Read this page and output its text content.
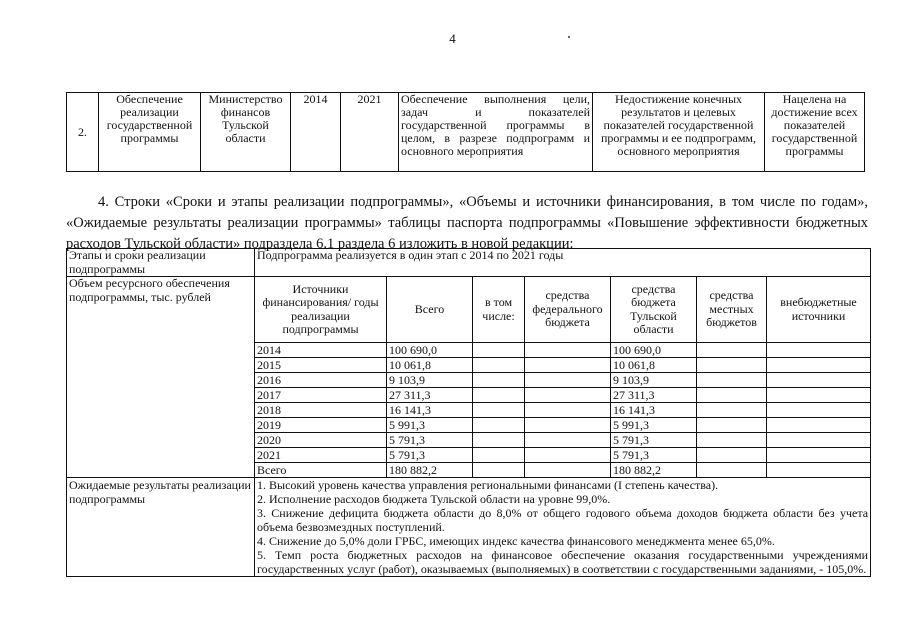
4
2.	Обеспечение реализации государственной программы	Министерство финансов Тульской области	2014	2021	Обеспечение выполнения цели, задач и показателей государственной программы в целом, в разрезе подпрограмм и основного мероприятия	Недостижение конечных результатов и целевых показателей государственной программы и ее подпрограмм, основного мероприятия	Нацелена на достижение всех показателей государственной программы
4. Строки «Сроки и этапы реализации подпрограммы», «Объемы и источники финансирования, в том числе по годам», «Ожидаемые результаты реализации программы» таблицы паспорта подпрограммы «Повышение эффективности бюджетных расходов Тульской области» подраздела 6.1 раздела 6 изложить в новой редакции:
Этапы и сроки реализации подпрограммы	Подпрограмма реализуется в один этап с 2014 по 2021 годы						
Объем ресурсного обеспечения подпрограммы, тыс. рублей	Источники финансирования/ годы реализации подпрограммы	Всего	в том числе:	средства федерального бюджета	средства бюджета Тульской области	средства местных бюджетов	внебюджетные источники
	2014	100 690,0			100 690,0		
	2015	10 061,8			10 061,8		
	2016	9 103,9			9 103,9		
	2017	27 311,3			27 311,3		
	2018	16 141,3			16 141,3		
	2019	5 991,3			5 991,3		
	2020	5 791,3			5 791,3		
	2021	5 791,3			5 791,3		
	Всего	180 882,2			180 882,2		
Ожидаемые результаты реализации подпрограммы	1. Высокий уровень качества управления региональными финансами (I степень качества).
2. Исполнение расходов бюджета Тульской области на уровне 99,0%.
3. Снижение дефицита бюджета области до 8,0% от общего годового объема доходов бюджета области без учета объема безвозмездных поступлений.
4. Снижение до 5,0% доли ГРБС, имеющих индекс качества финансового менеджмента менее 65,0%.
5. Темп роста бюджетных расходов на финансовое обеспечение оказания государственными учреждениями государственных услуг (работ), оказываемых (выполняемых) в соответствии с государственными заданиями, - 105,0%.						
